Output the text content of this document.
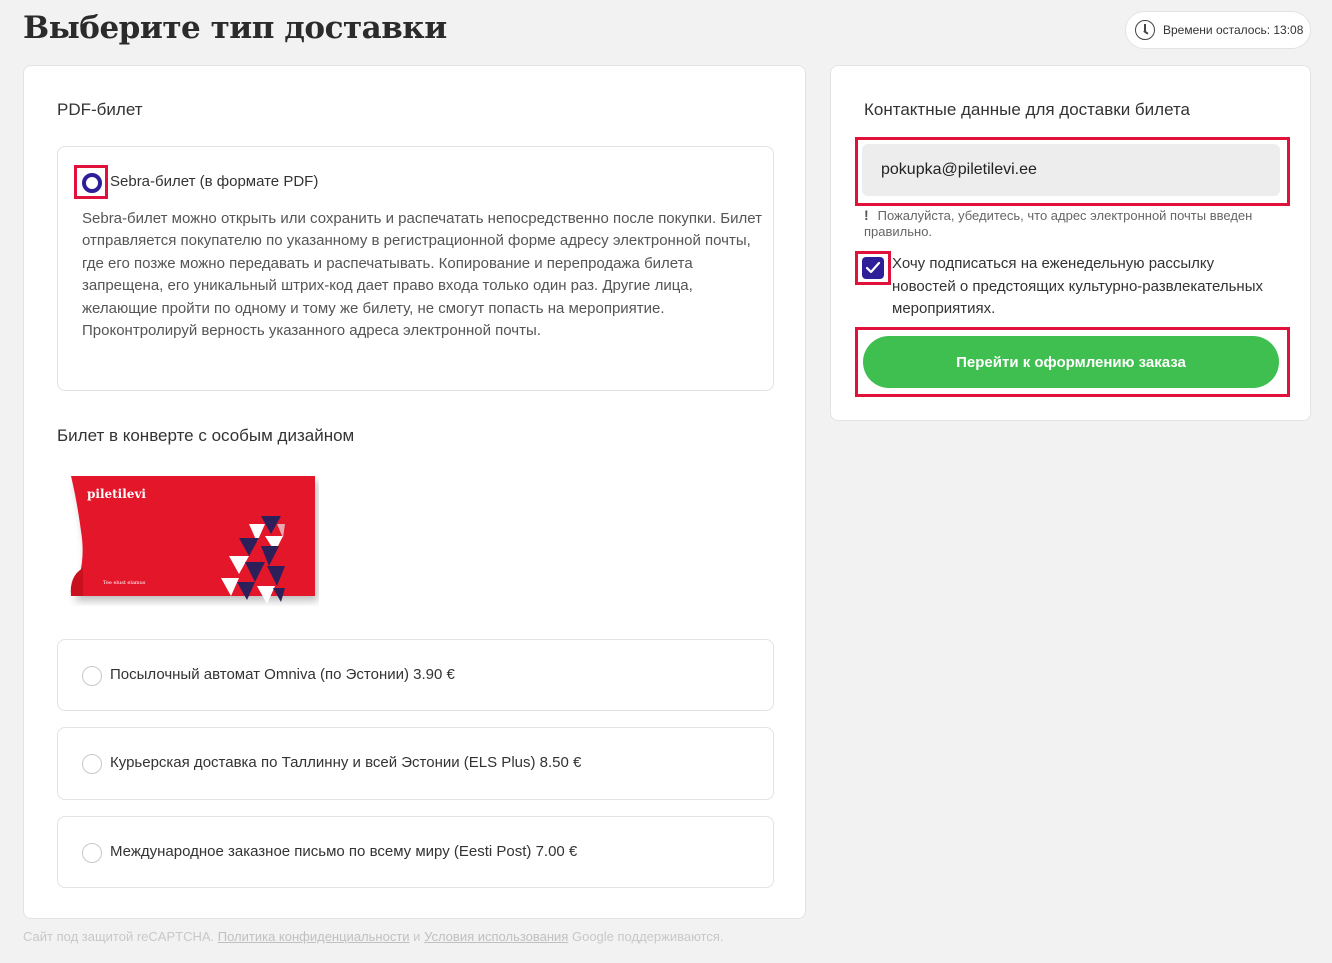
Выберите тип доставки	Времени осталось: 13:08
PDF-билет
Sebra-билет (в формате PDF)
Sebra-билет можно открыть или сохранить и распечатать непосредственно после покупки. Билет отправляется покупателю по указанному в регистрационной форме адресу электронной почты, где его позже можно передавать и распечатывать. Копирование и перепродажа билета запрещена, его уникальный штрих-код дает право входа только один раз. Другие лица, желающие пройти по одному и тому же билету, не смогут попасть на мероприятие. Проконтролируй верность указанного адреса электронной почты.
Билет в конверте с особым дизайном
piletilevi
Tee elust elamus
Посылочный автомат Omniva (по Эстонии) 3.90 €
Курьерская доставка по Таллинну и всей Эстонии (ELS Plus) 8.50 €
Международное заказное письмо по всему миру (Eesti Post) 7.00 €
Контактные данные для доставки билета
pokupka@piletilevi.ee
! Пожалуйста, убедитесь, что адрес электронной почты введен правильно.
Хочу подписаться на еженедельную рассылку новостей о предстоящих культурно-развлекательных мероприятиях.
Перейти к оформлению заказа
Сайт под защитой reCAPTCHA. Политика конфиденциальности и Условия использования Google поддерживаются.
